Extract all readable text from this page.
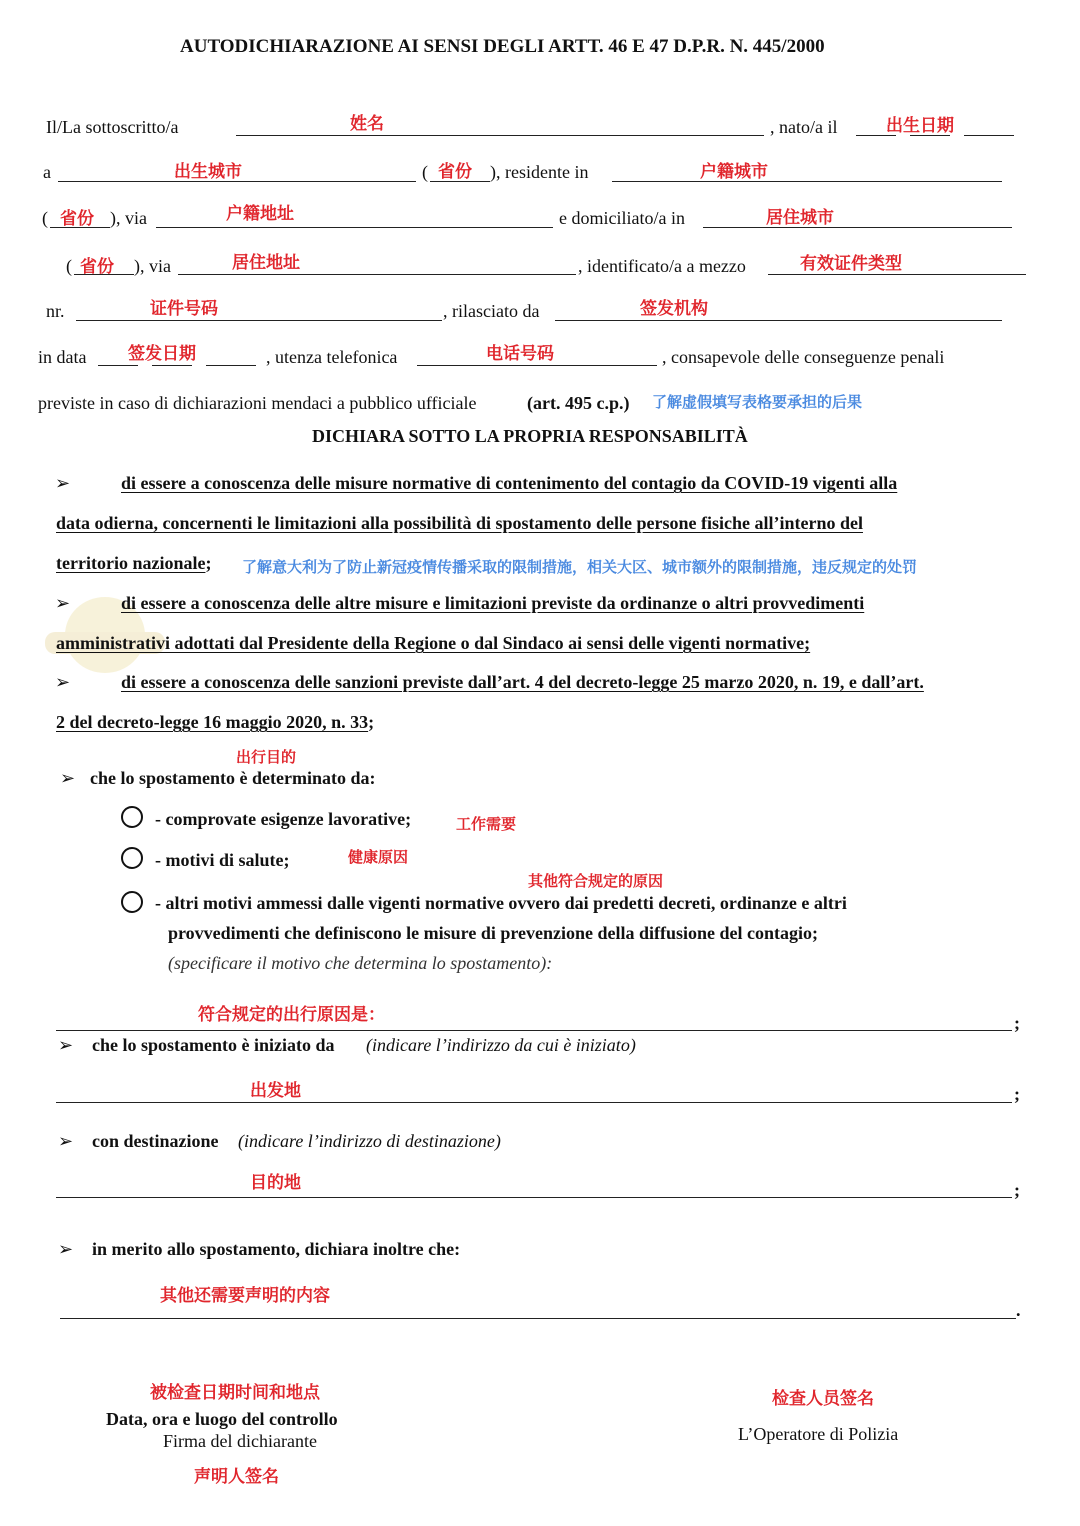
AUTODICHIARAZIONE AI SENSI DEGLI ARTT. 46 E 47 D.P.R. N. 445/2000
Il/La sottoscritto/a	姓名	, nato/a il	出生日期
a	出生城市	( 省份 ), residente in	户籍城市
( 省份 ), via	户籍地址	e domiciliato/a in	居住城市
( 省份 ), via	居住地址	, identificato/a a mezzo	有效证件类型
nr.	证件号码	, rilasciato da	签发机构
in data 签发日期	, utenza telefonica	电话号码	, consapevole delle conseguenze penali
previste in caso di dichiarazioni mendaci a pubblico ufficiale	(art. 495 c.p.) 了解虚假填写表格要承担的后果
DICHIARA SOTTO LA PROPRIA RESPONSABILITÀ
➢	di essere a conoscenza delle misure normative di contenimento del contagio da COVID-19 vigenti alla
data odierna, concernenti le limitazioni alla possibilità di spostamento delle persone fisiche all’interno del
territorio nazionale; 了解意大利为了防止新冠疫情传播采取的限制措施，相关大区、城市额外的限制措施，违反规定的处罚
➢	di essere a conoscenza delle altre misure e limitazioni previste da ordinanze o altri provvedimenti
amministrativi adottati dal Presidente della Regione o dal Sindaco ai sensi delle vigenti normative;
➢	di essere a conoscenza delle sanzioni previste dall’art. 4 del decreto-legge 25 marzo 2020, n. 19, e dall’art.
2 del decreto-legge 16 maggio 2020, n. 33;
出行目的
➢ che lo spostamento è determinato da:
- comprovate esigenze lavorative;	工作需要
- motivi di salute;	健康原因
其他符合规定的原因
- altri motivi ammessi dalle vigenti normative ovvero dai predetti decreti, ordinanze e altri
provvedimenti che definiscono le misure di prevenzione della diffusione del contagio;
(specificare il motivo che determina lo spostamento):
符合规定的出行原因是：	;
➢ che lo spostamento è iniziato da (indicare l’indirizzo da cui è iniziato)
出发地	;
➢ con destinazione (indicare l’indirizzo di destinazione)
目的地	;
➢ in merito allo spostamento, dichiara inoltre che:
其他还需要声明的内容
.
被检查日期时间和地点
Data, ora e luogo del controllo
Firma del dichiarante
声明人签名
检查人员签名
L’Operatore di Polizia
